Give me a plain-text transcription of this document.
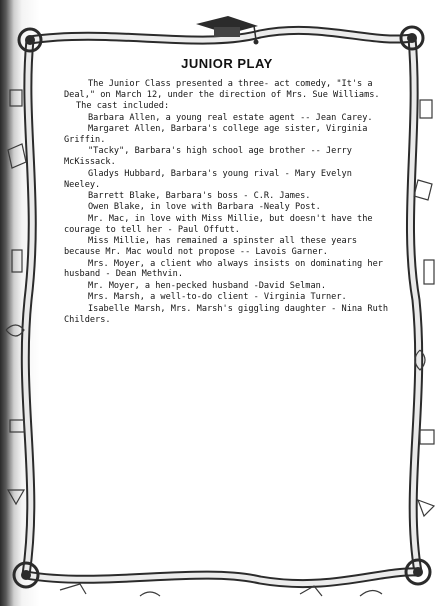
JUNIOR PLAY

The Junior Class presented a three- act comedy, "It's a Deal," on March 12, under the direction of Mrs. Sue Williams.

The cast included:

Barbara Allen, a young real estate agent -- Jean Carey.

Margaret Allen, Barbara's college age sister, Virginia Griffin.

"Tacky", Barbara's high school age brother -- Jerry McKissack.

Gladys Hubbard, Barbara's young rival - Mary Evelyn Neeley.

Barrett Blake, Barbara's boss - C.R. James.

Owen Blake, in love with Barbara -Nealy Post.

Mr. Mac, in love with Miss Millie, but doesn't have the courage to tell her - Paul Offutt.

Miss Millie, has remained a spinster all these years because Mr. Mac would not propose -- Lavois Garner.

Mrs. Moyer, a client who always insists on dominating her husband - Dean Methvin.

Mr. Moyer, a hen-pecked husband -David Selman.

Mrs. Marsh, a well-to-do client - Virginia Turner.

Isabelle Marsh, Mrs. Marsh's giggling daughter - Nina Ruth Childers.
